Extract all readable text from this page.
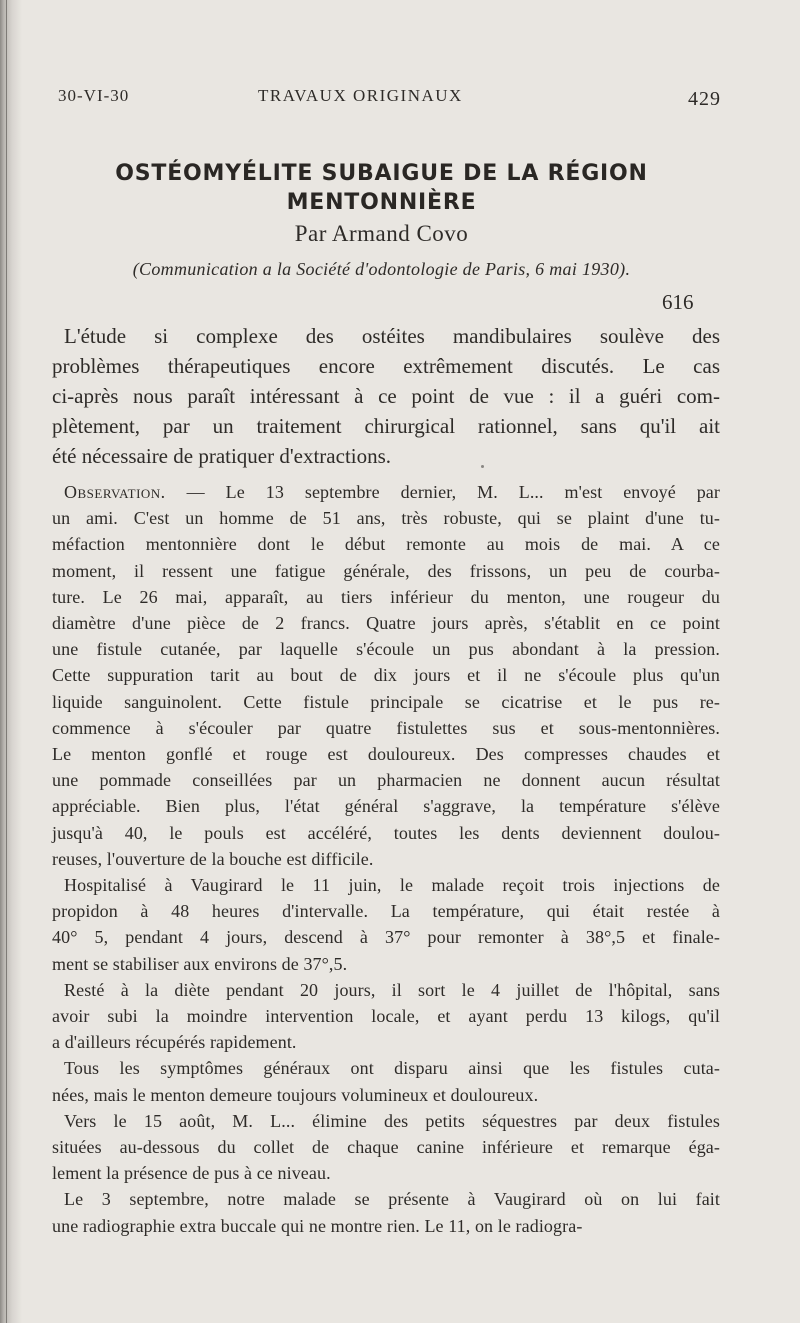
30-VI-30	TRAVAUX ORIGINAUX	429
OSTÉOMYÉLITE SUBAIGUE DE LA RÉGION
MENTONNIÈRE
Par Armand Covo
(Communication a la Société d'odontologie de Paris, 6 mai 1930).
616
L'étude si complexe des ostéites mandibulaires soulève des
problèmes thérapeutiques encore extrêmement discutés. Le cas
ci-après nous paraît intéressant à ce point de vue : il a guéri com-
plètement, par un traitement chirurgical rationnel, sans qu'il ait
été nécessaire de pratiquer d'extractions.

Observation. — Le 13 septembre dernier, M. L... m'est envoyé par
un ami. C'est un homme de 51 ans, très robuste, qui se plaint d'une tu-
méfaction mentonnière dont le début remonte au mois de mai. A ce
moment, il ressent une fatigue générale, des frissons, un peu de courba-
ture. Le 26 mai, apparaît, au tiers inférieur du menton, une rougeur du
diamètre d'une pièce de 2 francs. Quatre jours après, s'établit en ce point
une fistule cutanée, par laquelle s'écoule un pus abondant à la pression.
Cette suppuration tarit au bout de dix jours et il ne s'écoule plus qu'un
liquide sanguinolent. Cette fistule principale se cicatrise et le pus re-
commence à s'écouler par quatre fistulettes sus et sous-mentonnières.
Le menton gonflé et rouge est douloureux. Des compresses chaudes et
une pommade conseillées par un pharmacien ne donnent aucun résultat
appréciable. Bien plus, l'état général s'aggrave, la température s'élève
jusqu'à 40, le pouls est accéléré, toutes les dents deviennent doulou-
reuses, l'ouverture de la bouche est difficile.

Hospitalisé à Vaugirard le 11 juin, le malade reçoit trois injections de
propidon à 48 heures d'intervalle. La température, qui était restée à
40° 5, pendant 4 jours, descend à 37° pour remonter à 38°,5 et finale-
ment se stabiliser aux environs de 37°,5.

Resté à la diète pendant 20 jours, il sort le 4 juillet de l'hôpital, sans
avoir subi la moindre intervention locale, et ayant perdu 13 kilogs, qu'il
a d'ailleurs récupérés rapidement.

Tous les symptômes généraux ont disparu ainsi que les fistules cuta-
nées, mais le menton demeure toujours volumineux et douloureux.

Vers le 15 août, M. L... élimine des petits séquestres par deux fistules
situées au-dessous du collet de chaque canine inférieure et remarque éga-
lement la présence de pus à ce niveau.

Le 3 septembre, notre malade se présente à Vaugirard où on lui fait
une radiographie extra buccale qui ne montre rien. Le 11, on le radiogra-
